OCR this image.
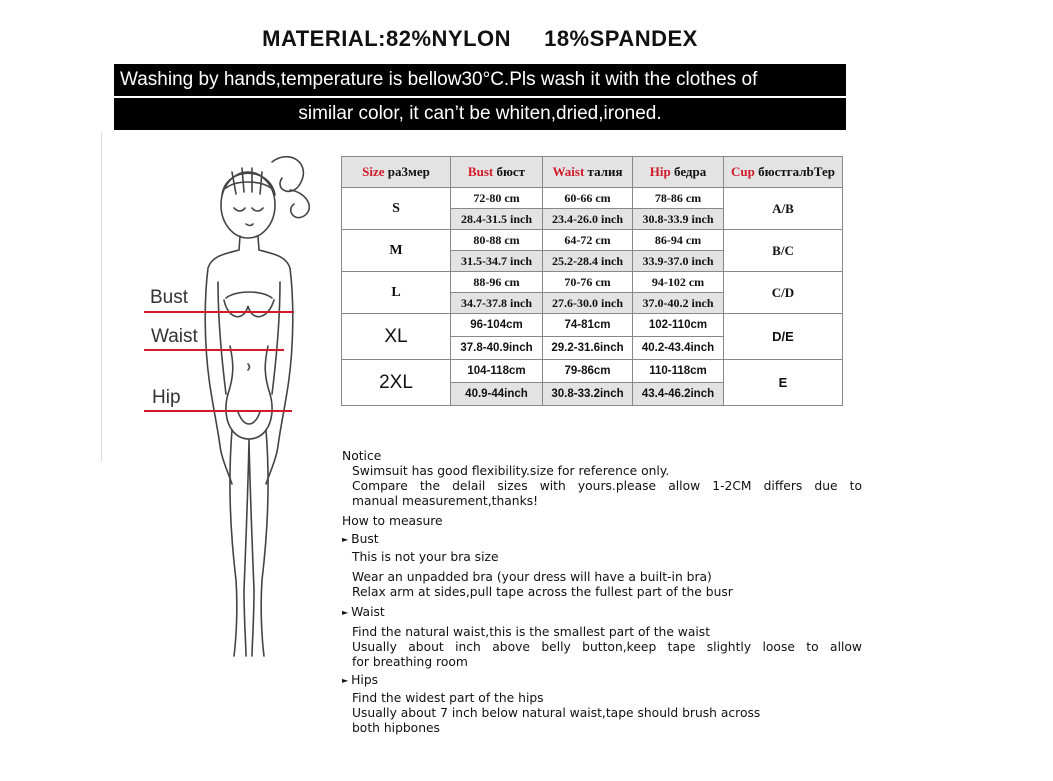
MATERIAL:82%NYLON     18%SPANDEX
Washing by hands,temperature is bellow30°C.Pls wash it with the clothes of
similar color, it can’t be whiten,dried,ironed.
Bust
Waist
Hip
Size ра3мер	Bust бюст	Waist талия	Hip бедра	Cup бюстгалbТер
S	72-80 cm	60-66 cm	78-86 cm	A/B
	28.4-31.5 inch	23.4-26.0 inch	30.8-33.9 inch	
M	80-88 cm	64-72 cm	86-94 cm	B/C
	31.5-34.7 inch	25.2-28.4 inch	33.9-37.0 inch	
L	88-96 cm	70-76 cm	94-102 cm	C/D
	34.7-37.8 inch	27.6-30.0 inch	37.0-40.2 inch	
XL	96-104cm	74-81cm	102-110cm	D/E
	37.8-40.9inch	29.2-31.6inch	40.2-43.4inch	
2XL	104-118cm	79-86cm	110-118cm	E
	40.9-44inch	30.8-33.2inch	43.4-46.2inch	

Notice

Swimsuit has good flexibility.size for reference only.

Compare the delail sizes with yours.please allow 1-2CM differs due to

manual measurement,thanks!

How to measure

► Bust

This is not your bra size

Wear an unpadded bra (your dress will have a built-in bra)

Relax arm at sides,pull tape across the fullest part of the busr

► Waist

Find the natural waist,this is the smallest part of the waist

Usually about inch above belly button,keep tape slightly loose to allow

for breathing room

► Hips

Find the widest part of the hips

Usually about 7 inch below natural waist,tape should brush across

both hipbones
